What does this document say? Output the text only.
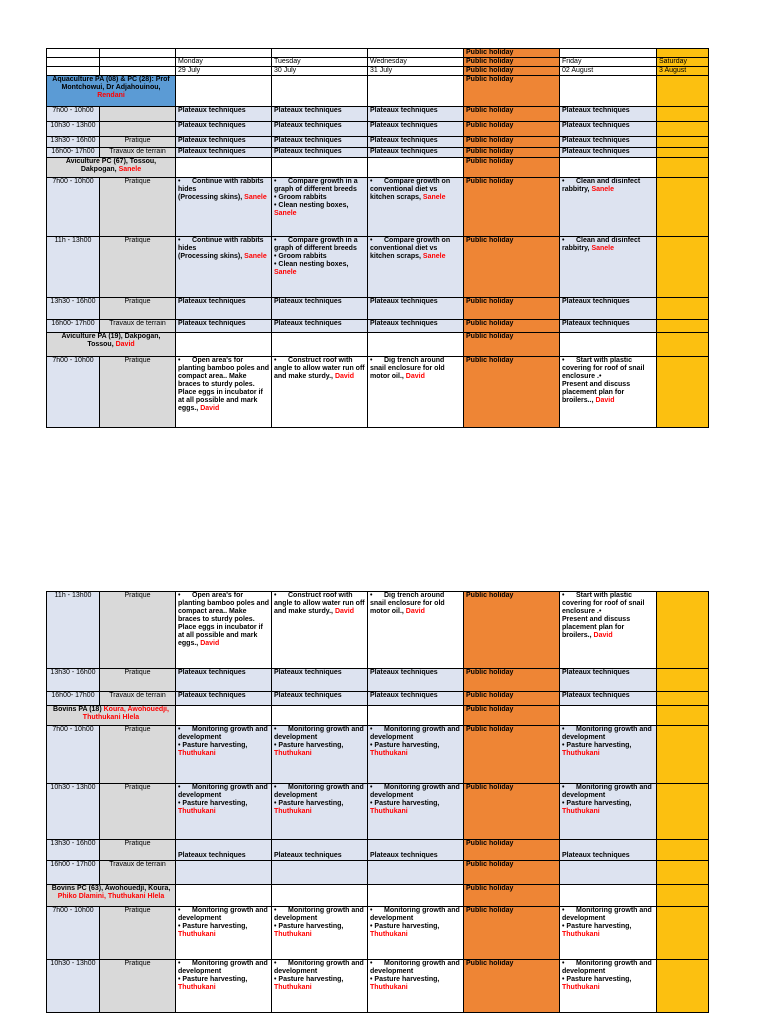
					Public holiday		
		Monday	Tuesday	Wednesday	Public holiday	Friday	Saturday
		29 July	30 July	31 July	Public holiday	02 August	3 August
Aquaculture PA (08) & PC (28): Prof Montchowui, Dr Adjahouinou, Rendani					Public holiday		
7h00 - 10h00		Plateaux techniques	Plateaux techniques	Plateaux techniques	Public holiday	Plateaux techniques	
10h30 - 13h00		Plateaux techniques	Plateaux techniques	Plateaux techniques	Public holiday	Plateaux techniques	
13h30 - 16h00	Pratique	Plateaux techniques	Plateaux techniques	Plateaux techniques	Public holiday	Plateaux techniques	
16h00- 17h00	Travaux de terrain	Plateaux techniques	Plateaux techniques	Plateaux techniques	Public holiday	Plateaux techniques	
Aviculture PC (67), Tossou, Dakpogan, Sanele					Public holiday		
7h00 - 10h00	Pratique	• Continue with rabbits hides
(Processing skins), Sanele	• Compare growth in a graph of different breeds
• Groom rabbits
• Clean nesting boxes, Sanele	• Compare growth on conventional diet vs kitchen scraps, Sanele	Public holiday	• Clean and disinfect rabbitry, Sanele	
11h - 13h00	Pratique	• Continue with rabbits hides
(Processing skins), Sanele	• Compare growth in a graph of different breeds
• Groom rabbits
• Clean nesting boxes, Sanele	• Compare growth on conventional diet vs kitchen scraps, Sanele	Public holiday	• Clean and disinfect rabbitry, Sanele	
13h30 - 16h00	Pratique	Plateaux techniques	Plateaux techniques	Plateaux techniques	Public holiday	Plateaux techniques	
16h00- 17h00	Travaux de terrain	Plateaux techniques	Plateaux techniques	Plateaux techniques	Public holiday	Plateaux techniques	
Aviculture PA (19), Dakpogan, Tossou, David					Public holiday		
7h00 - 10h00	Pratique	• Open area's for planting bamboo poles and compact area.. Make braces to sturdy poles.
Place eggs in incubator if at all possible and mark eggs., David	• Construct roof with angle to allow water run off and make sturdy., David	• Dig trench around snail enclosure for old motor oil., David	Public holiday	• Start with plastic covering for roof of snail enclosure .•
Present and discuss placement plan for broilers.., David	
11h - 13h00	Pratique	• Open area's for planting bamboo poles and compact area.. Make braces to sturdy poles.
Place eggs in incubator if at all possible and mark eggs., David	• Construct roof with angle to allow water run off and make sturdy., David	• Dig trench around snail enclosure for old motor oil., David	Public holiday	• Start with plastic covering for roof of snail enclosure .•
Present and discuss placement plan for broilers., David	
13h30 - 16h00	Pratique	Plateaux techniques	Plateaux techniques	Plateaux techniques	Public holiday	Plateaux techniques	
16h00- 17h00	Travaux de terrain	Plateaux techniques	Plateaux techniques	Plateaux techniques	Public holiday	Plateaux techniques	
Bovins PA (18) Koura, Awohouedji, Thuthukani Hlela					Public holiday		
7h00 - 10h00	Pratique	• Monitoring growth and development
• Pasture harvesting, Thuthukani	• Monitoring growth and development
• Pasture harvesting, Thuthukani	• Monitoring growth and development
• Pasture harvesting, Thuthukani	Public holiday	• Monitoring growth and development
• Pasture harvesting, Thuthukani	
10h30 - 13h00	Pratique	• Monitoring growth and development
• Pasture harvesting, Thuthukani	• Monitoring growth and development
• Pasture harvesting, Thuthukani	• Monitoring growth and development
• Pasture harvesting, Thuthukani	Public holiday	• Monitoring growth and development
• Pasture harvesting, Thuthukani	
13h30 - 16h00	Pratique	Plateaux techniques	Plateaux techniques	Plateaux techniques	Public holiday	Plateaux techniques	
16h00 - 17h00	Travaux de terrain				Public holiday		
Bovins PC (63), Awohouedji, Koura, Phiko Dlamini, Thuthukani Hlela					Public holiday		
7h00 - 10h00	Pratique	• Monitoring growth and development
• Pasture harvesting, Thuthukani	• Monitoring growth and development
• Pasture harvesting, Thuthukani	• Monitoring growth and development
• Pasture harvesting, Thuthukani	Public holiday	• Monitoring growth and development
• Pasture harvesting, Thuthukani	
10h30 - 13h00	Pratique	• Monitoring growth and development
• Pasture harvesting, Thuthukani	• Monitoring growth and development
• Pasture harvesting, Thuthukani	• Monitoring growth and development
• Pasture harvesting, Thuthukani	Public holiday	• Monitoring growth and development
• Pasture harvesting, Thuthukani	
